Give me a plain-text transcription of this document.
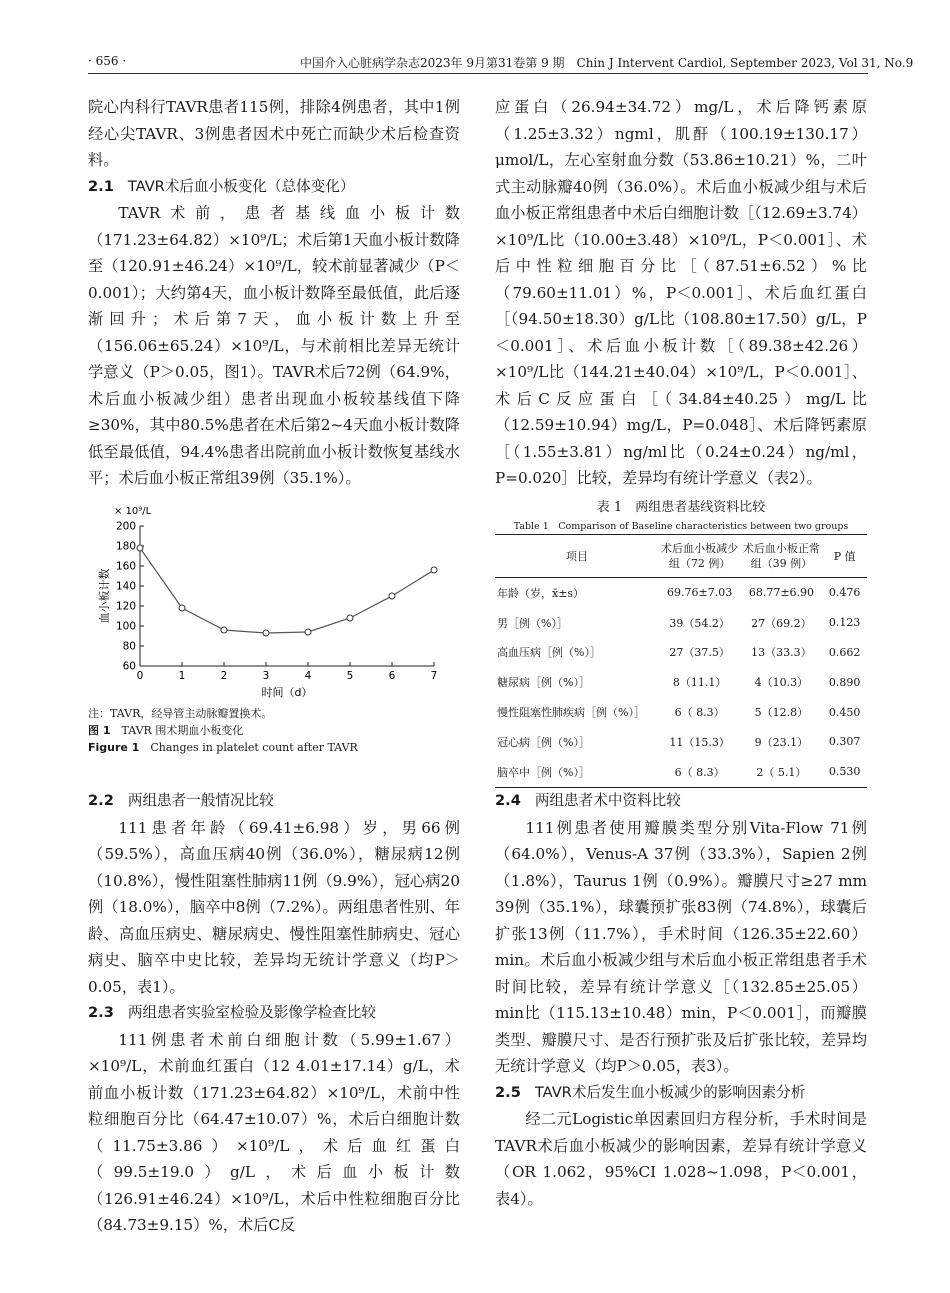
· 656 ·	中国介入心脏病学杂志2023年 9月第31卷第 9 期　Chin J Intervent Cardiol, September 2023, Vol 31, No.9

院心内科行TAVR患者115例，排除4例患者，其中1例经心尖TAVR、3例患者因术中死亡而缺少术后检查资料。

2.1 TAVR术后血小板变化（总体变化）

TAVR术前，患者基线血小板计数（171.23±64.82）×10⁹/L；术后第1天血小板计数降至（120.91±46.24）×10⁹/L，较术前显著减少（P＜0.001）；大约第4天，血小板计数降至最低值，此后逐渐回升；术后第7天，血小板计数上升至（156.06±65.24）×10⁹/L，与术前相比差异无统计学意义（P＞0.05，图1）。TAVR术后72例（64.9%，术后血小板减少组）患者出现血小板较基线值下降≥30%，其中80.5%患者在术后第2~4天血小板计数降低至最低值，94.4%患者出院前血小板计数恢复基线水平；术后血小板正常组39例（35.1%）。

× 10⁹/L
时间（d）
血小板计数
60
80
100
120
140
160
180
200
0	1	2	3	4	5	6	7
注：TAVR，经导管主动脉瓣置换术。
图 1　 TAVR 围术期血小板变化
Figure 1　 Changes in platelet count after TAVR

2.2 两组患者一般情况比较

111患者年龄（69.41±6.98）岁，男66例（59.5%），高血压病40例（36.0%），糖尿病12例（10.8%），慢性阻塞性肺病11例（9.9%），冠心病20例（18.0%），脑卒中8例（7.2%）。两组患者性别、年龄、高血压病史、糖尿病史、慢性阻塞性肺病史、冠心病史、脑卒中史比较，差异均无统计学意义（均P＞0.05，表1）。

2.3 两组患者实验室检验及影像学检查比较

111例患者术前白细胞计数（5.99±1.67）×10⁹/L，术前血红蛋白（12 4.01±17.14）g/L，术前血小板计数（171.23±64.82）×10⁹/L，术前中性粒细胞百分比（64.47±10.07）%，术后白细胞计数（11.75±3.86）×10⁹/L，术后血红蛋白（99.5±19.0）g/L，术后血小板计数（126.91±46.24）×10⁹/L，术后中性粒细胞百分比（84.73±9.15）%，术后C反

应蛋白（26.94±34.72）mg/L，术后降钙素原（1.25±3.32）ngml，肌酐（100.19±130.17）μmol/L，左心室射血分数（53.86±10.21）%，二叶式主动脉瓣40例（36.0%）。术后血小板减少组与术后血小板正常组患者中术后白细胞计数［（12.69±3.74）×10⁹/L比（10.00±3.48）×10⁹/L，P＜0.001］、术后中性粒细胞百分比［（87.51±6.52）%比（79.60±11.01）%，P＜0.001］、术后血红蛋白［（94.50±18.30）g/L比（108.80±17.50）g/L，P＜0.001］、术后血小板计数［（89.38±42.26）×10⁹/L比（144.21±40.04）×10⁹/L，P＜0.001］、术后C反应蛋白［（34.84±40.25）mg/L比（12.59±10.94）mg/L，P=0.048］、术后降钙素原［（1.55±3.81）ng/ml比（0.24±0.24）ng/ml，P=0.020］比较，差异均有统计学意义（表2）。

表 1　两组患者基线资料比较
Table 1　Comparison of Baseline characteristics between two groups
项目	术后血小板减少组（72 例）	术后血小板正常组（39 例）	P 值
年龄（岁，x̄±s）	69.76±7.03	68.77±6.90	0.476
男［例（%）］	39（54.2）	27（69.2）	0.123
高血压病［例（%）］	27（37.5）	13（33.3）	0.662
糖尿病［例（%）］	8（11.1）	4（10.3）	0.890
慢性阻塞性肺疾病［例（%）］	6（ 8.3）	5（12.8）	0.450
冠心病［例（%）］	11（15.3）	9（23.1）	0.307
脑卒中［例（%）］	6（ 8.3）	2（ 5.1）	0.530

2.4 两组患者术中资料比较

111例患者使用瓣膜类型分别Vita-Flow 71例（64.0%），Venus-A 37例（33.3%），Sapien 2例（1.8%），Taurus 1例（0.9%）。瓣膜尺寸≥27 mm 39例（35.1%），球囊预扩张83例（74.8%），球囊后扩张13例（11.7%），手术时间（126.35±22.60）min。术后血小板减少组与术后血小板正常组患者手术时间比较，差异有统计学意义［（132.85±25.05）min比（115.13±10.48）min，P＜0.001］，而瓣膜类型、瓣膜尺寸、是否行预扩张及后扩张比较，差异均无统计学意义（均P＞0.05，表3）。

2.5 TAVR术后发生血小板减少的影响因素分析

经二元Logistic单因素回归方程分析，手术时间是TAVR术后血小板减少的影响因素，差异有统计学意义（OR 1.062，95%CI 1.028~1.098，P＜0.001，表4）。
